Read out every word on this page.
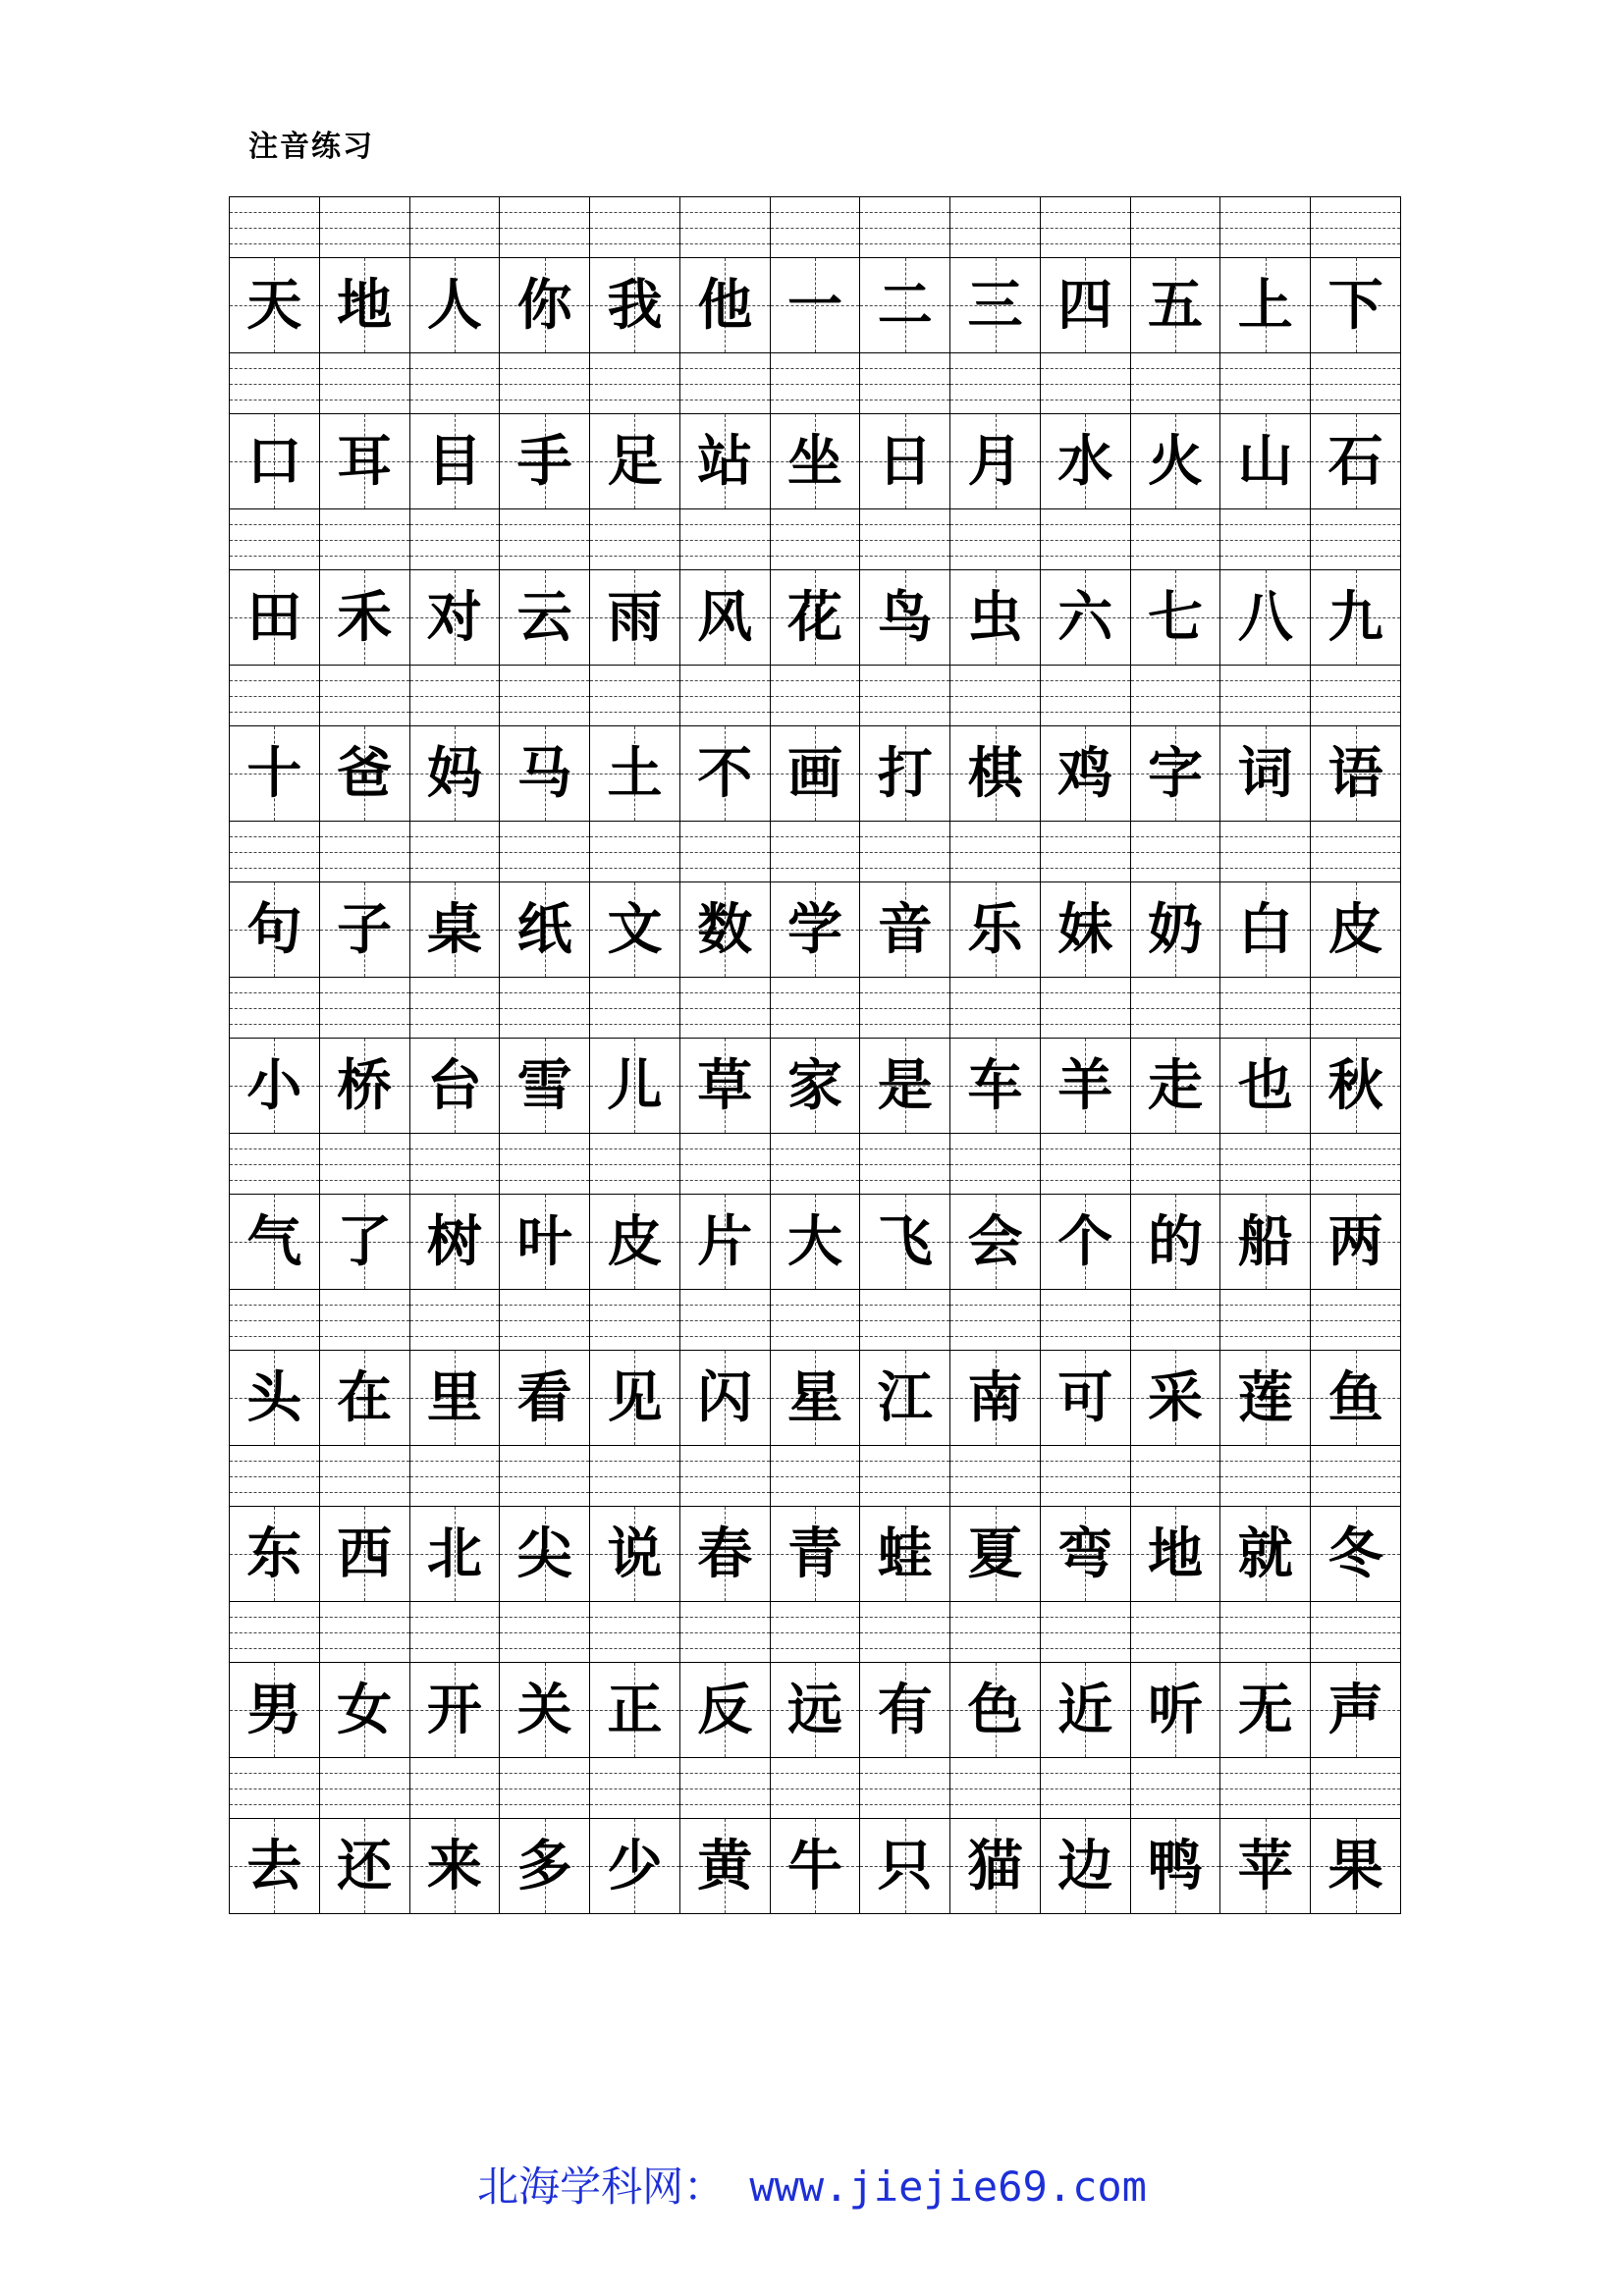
注音练习
天 地 人 你 我 他 一 二 三 四 五 上 下
口 耳 目 手 足 站 坐 日 月 水 火 山 石
田 禾 对 云 雨 风 花 鸟 虫 六 七 八 九
十 爸 妈 马 土 不 画 打 棋 鸡 字 词 语
句 子 桌 纸 文 数 学 音 乐 妹 奶 白 皮
小 桥 台 雪 儿 草 家 是 车 羊 走 也 秋
气 了 树 叶 皮 片 大 飞 会 个 的 船 两
头 在 里 看 见 闪 星 江 南 可 采 莲 鱼
东 西 北 尖 说 春 青 蛙 夏 弯 地 就 冬
男 女 开 关 正 反 远 有 色 近 听 无 声
去 还 来 多 少 黄 牛 只 猫 边 鸭 苹 果
北海学科网： www.jiejie69.com
